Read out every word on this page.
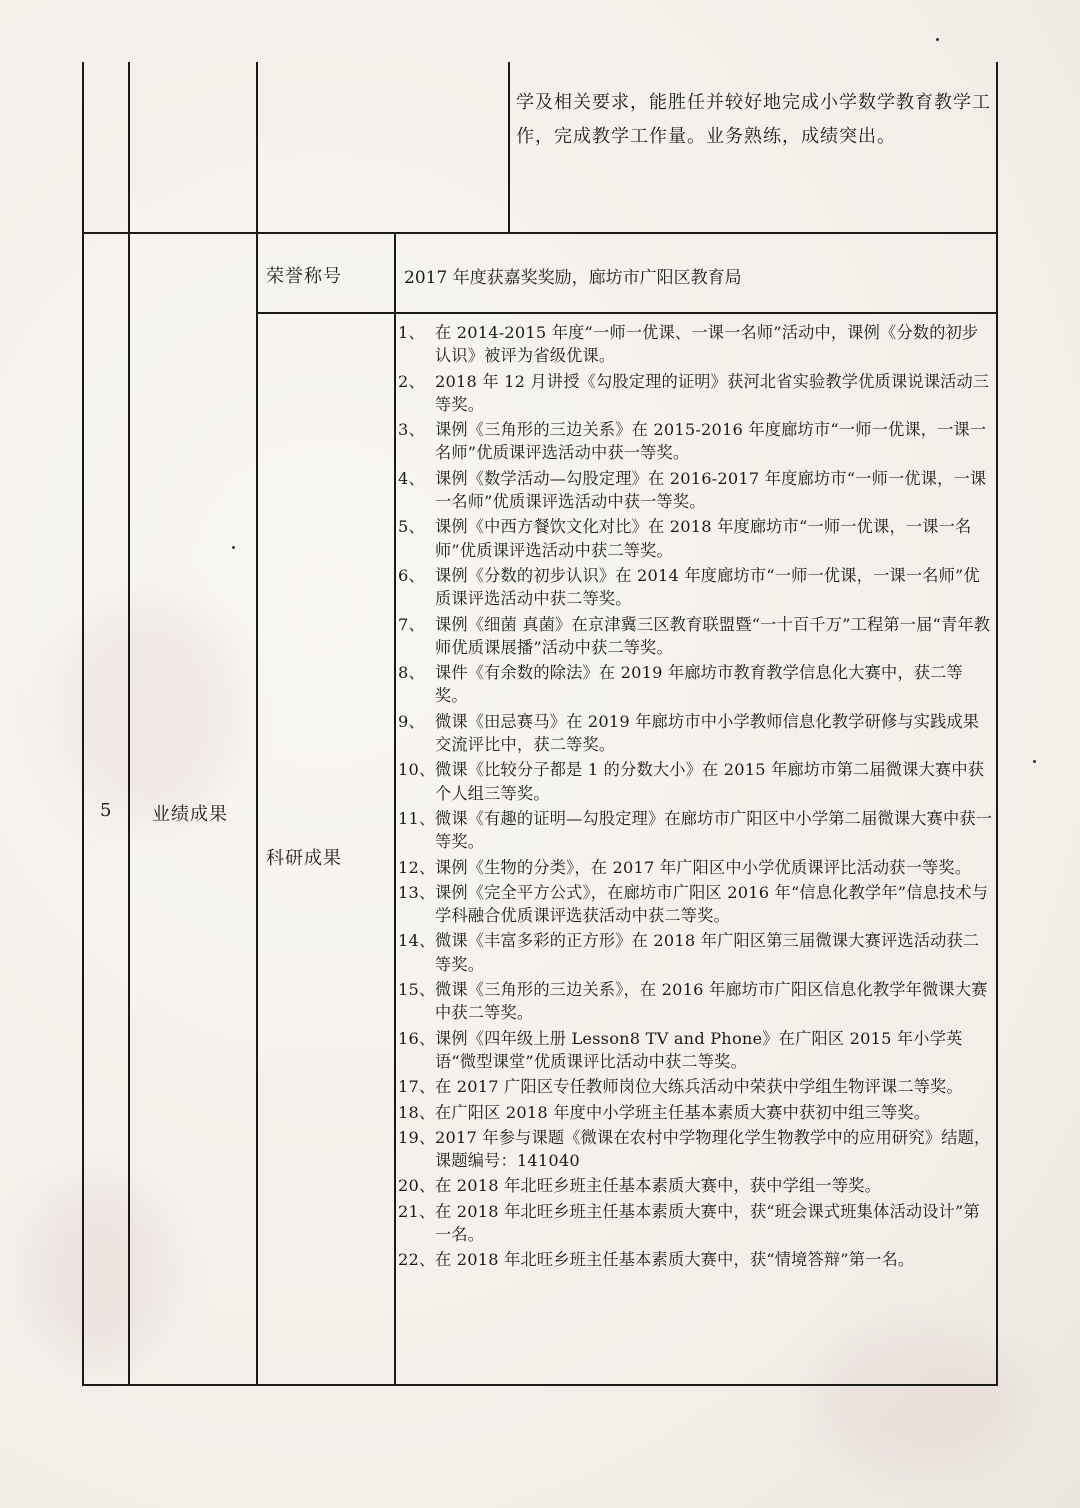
学及相关要求，能胜任并较好地完成小学数学教育教学工作，完成教学工作量。业务熟练，成绩突出。
5 业绩成果
荣誉称号	2017 年度获嘉奖奖励，廊坊市广阳区教育局
科研成果
1、 在 2014-2015 年度“一师一优课、一课一名师”活动中，课例《分数的初步认识》被评为省级优课。
2、 2018 年 12 月讲授《勾股定理的证明》获河北省实验教学优质课说课活动三等奖。
3、 课例《三角形的三边关系》在 2015-2016 年度廊坊市“一师一优课，一课一名师”优质课评选活动中获一等奖。
4、 课例《数学活动—勾股定理》在 2016-2017 年度廊坊市“一师一优课，一课一名师”优质课评选活动中获一等奖。
5、 课例《中西方餐饮文化对比》在 2018 年度廊坊市“一师一优课，一课一名师”优质课评选活动中获二等奖。
6、 课例《分数的初步认识》在 2014 年度廊坊市“一师一优课，一课一名师”优质课评选活动中获二等奖。
7、 课例《细菌 真菌》在京津冀三区教育联盟暨“一十百千万”工程第一届“青年教师优质课展播”活动中获二等奖。
8、 课件《有余数的除法》在 2019 年廊坊市教育教学信息化大赛中，获二等奖。
9、 微课《田忌赛马》在 2019 年廊坊市中小学教师信息化教学研修与实践成果交流评比中，获二等奖。
10、微课《比较分子都是 1 的分数大小》在 2015 年廊坊市第二届微课大赛中获个人组三等奖。
11、微课《有趣的证明—勾股定理》在廊坊市广阳区中小学第二届微课大赛中获一等奖。
12、课例《生物的分类》，在 2017 年广阳区中小学优质课评比活动获一等奖。
13、课例《完全平方公式》，在廊坊市广阳区 2016 年“信息化教学年”信息技术与学科融合优质课评选获活动中获二等奖。
14、微课《丰富多彩的正方形》在 2018 年广阳区第三届微课大赛评选活动获二等奖。
15、微课《三角形的三边关系》，在 2016 年廊坊市广阳区信息化教学年微课大赛中获二等奖。
16、课例《四年级上册 Lesson8 TV and Phone》在广阳区 2015 年小学英语“微型课堂”优质课评比活动中获二等奖。
17、在 2017 广阳区专任教师岗位大练兵活动中荣获中学组生物评课二等奖。
18、在广阳区 2018 年度中小学班主任基本素质大赛中获初中组三等奖。
19、2017 年参与课题《微课在农村中学物理化学生物教学中的应用研究》结题，课题编号：141040
20、在 2018 年北旺乡班主任基本素质大赛中，获中学组一等奖。
21、在 2018 年北旺乡班主任基本素质大赛中，获“班会课式班集体活动设计”第一名。
22、在 2018 年北旺乡班主任基本素质大赛中，获“情境答辩”第一名。
